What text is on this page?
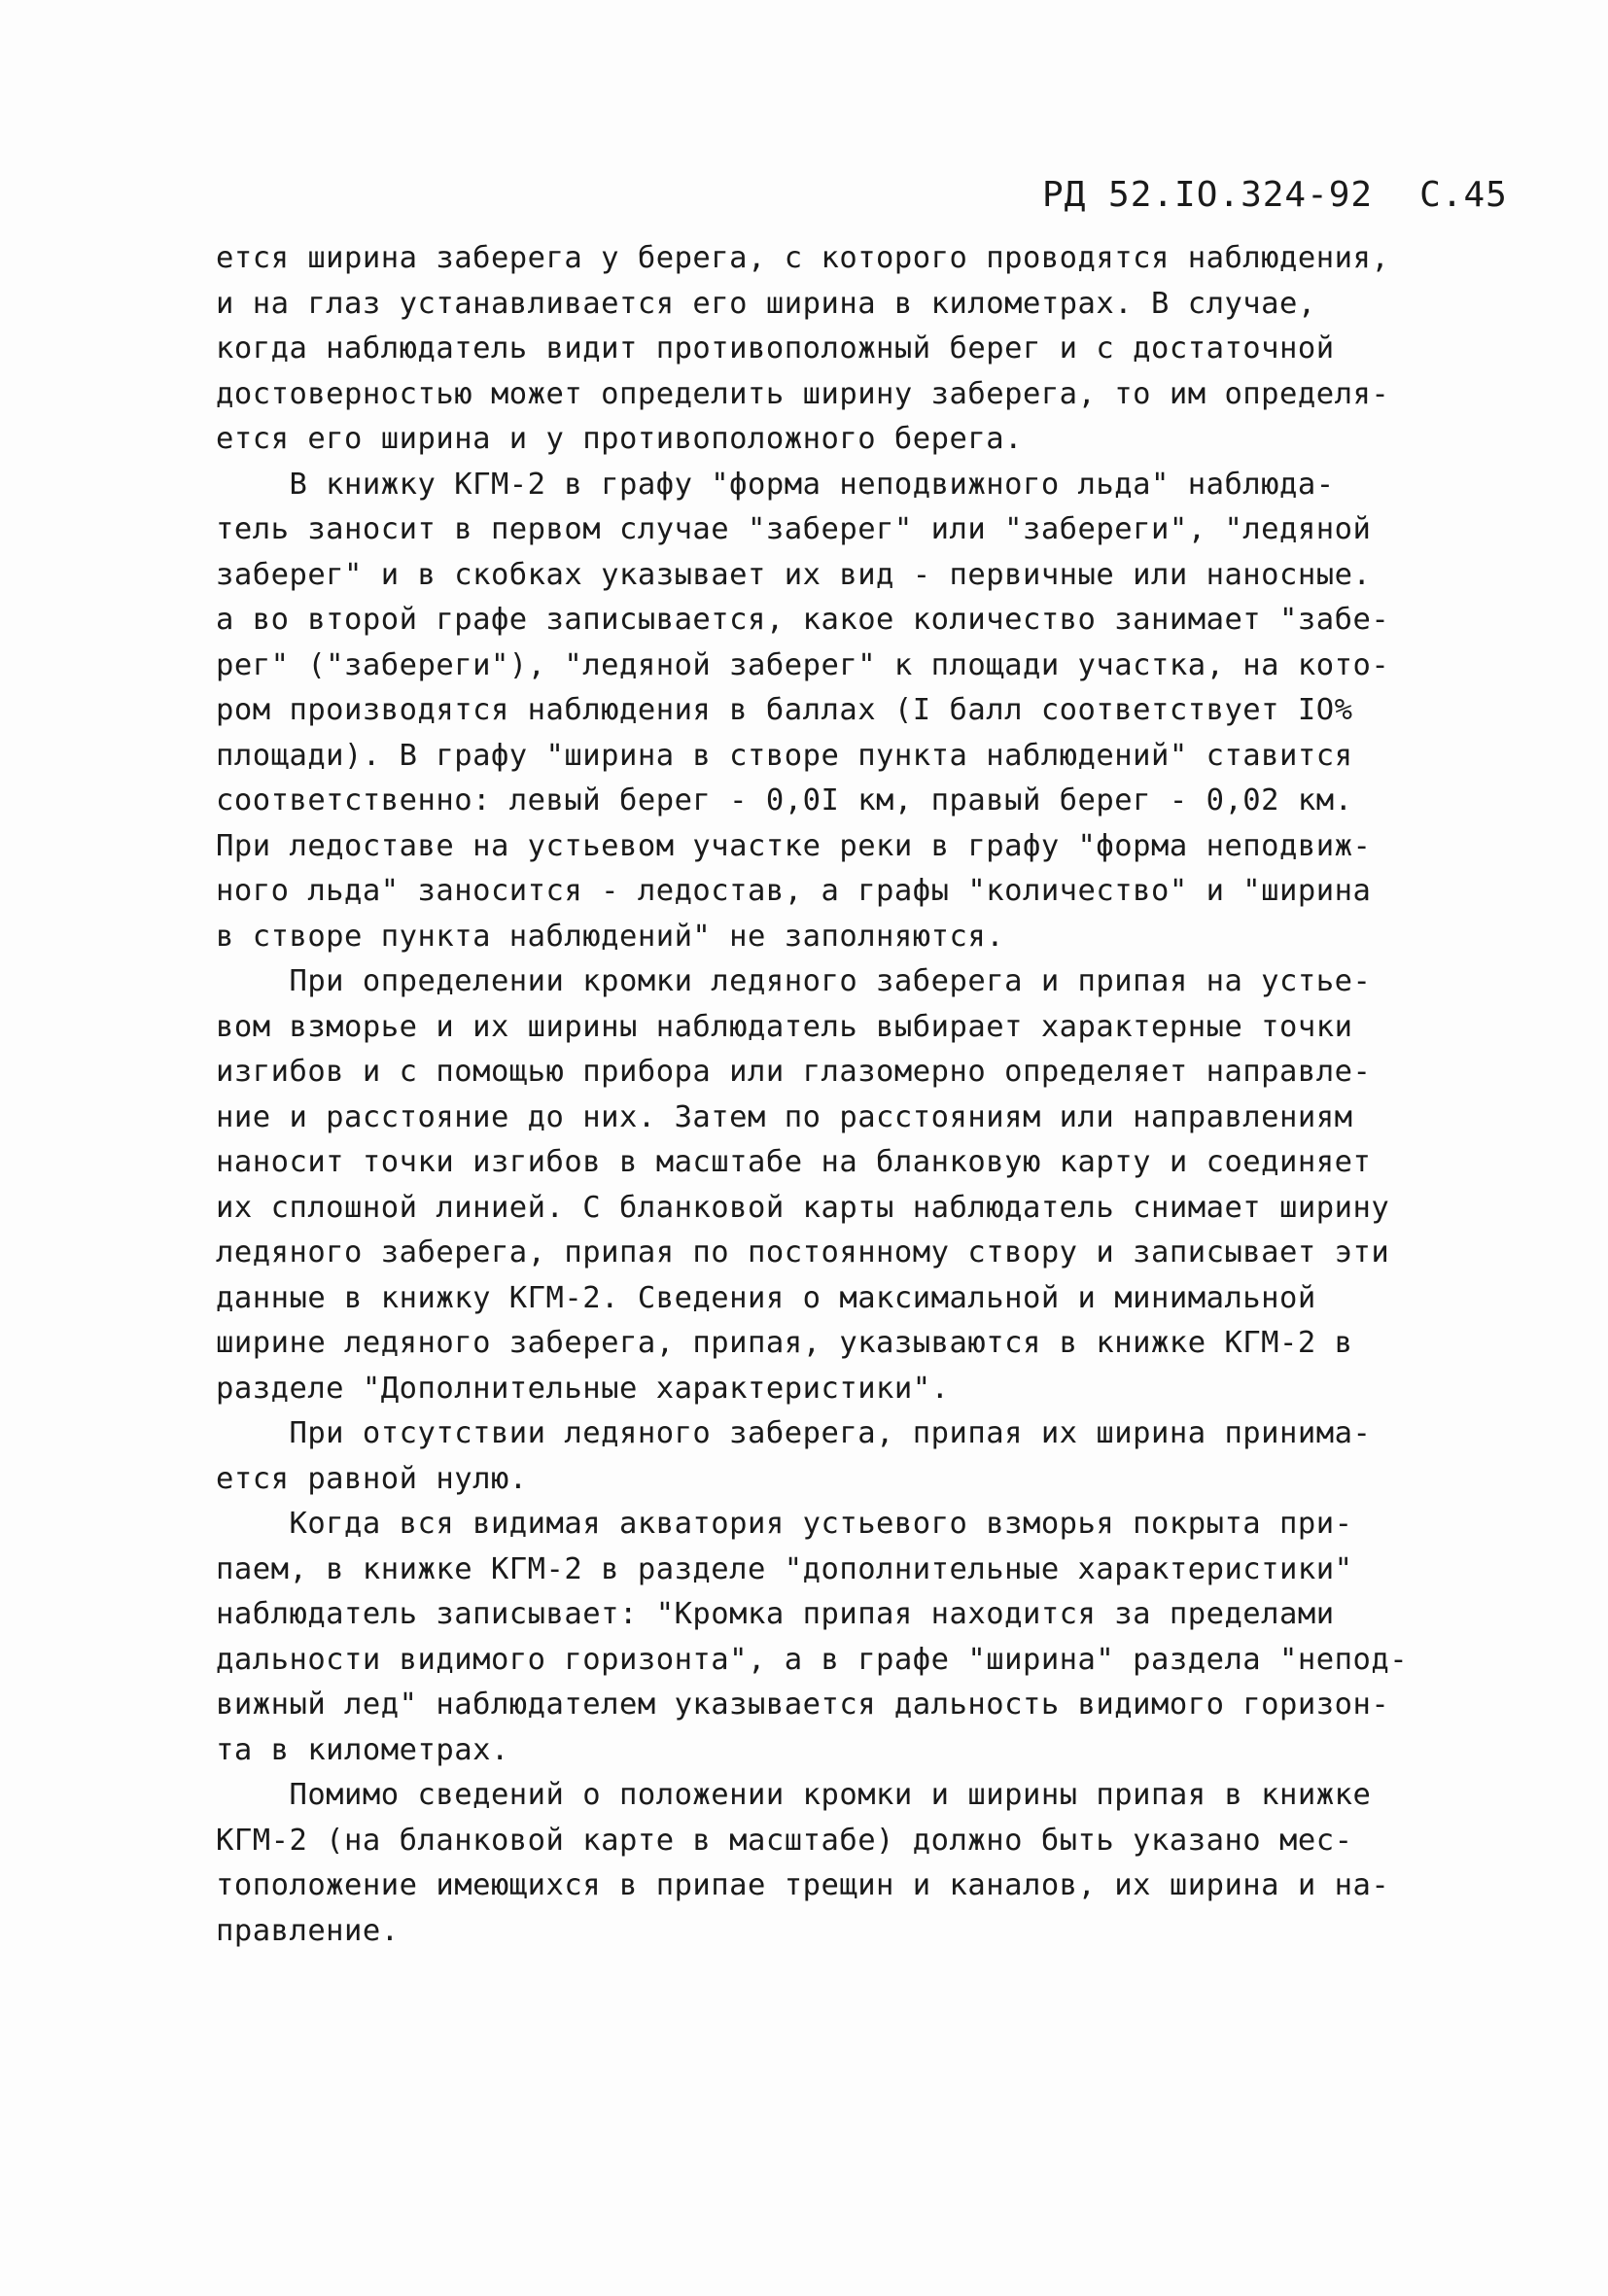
РД 52.IO.324-92 С.45
ется ширина заберега у берега, с которого проводятся наблюдения,
и на глаз устанавливается его ширина в километрах. В случае,
когда наблюдатель видит противоположный берег и с достаточной
достоверностью может определить ширину заберега, то им определя-
ется его ширина и у противоположного берега.
В книжку КГМ-2 в графу "форма неподвижного льда" наблюда-
тель заносит в первом случае "заберег" или "забереги", "ледяной
заберег" и в скобках указывает их вид - первичные или наносные.
а во второй графе записывается, какое количество занимает "забе-
рег" ("забереги"), "ледяной заберег" к площади участка, на кото-
ром производятся наблюдения в баллах (I балл соответствует IO%
площади). В графу "ширина в створе пункта наблюдений" ставится
соответственно: левый берег - 0,0I км, правый берег - 0,02 км.
При ледоставе на устьевом участке реки в графу "форма неподвиж-
ного льда" заносится - ледостав, а графы "количество" и "ширина
в створе пункта наблюдений" не заполняются.
При определении кромки ледяного заберега и припая на устье-
вом взморье и их ширины наблюдатель выбирает характерные точки
изгибов и с помощью прибора или глазомерно определяет направле-
ние и расстояние до них. Затем по расстояниям или направлениям
наносит точки изгибов в масштабе на бланковую карту и соединяет
их сплошной линией. С бланковой карты наблюдатель снимает ширину
ледяного заберега, припая по постоянному створу и записывает эти
данные в книжку КГМ-2. Сведения о максимальной и минимальной
ширине ледяного заберега, припая, указываются в книжке КГМ-2 в
разделе "Дополнительные характеристики".
При отсутствии ледяного заберега, припая их ширина принима-
ется равной нулю.
Когда вся видимая акватория устьевого взморья покрыта при-
паем, в книжке КГМ-2 в разделе "дополнительные характеристики"
наблюдатель записывает: "Кромка припая находится за пределами
дальности видимого горизонта", а в графе "ширина" раздела "непод-
вижный лед" наблюдателем указывается дальность видимого горизон-
та в километрах.
Помимо сведений о положении кромки и ширины припая в книжке
КГМ-2 (на бланковой карте в масштабе) должно быть указано мес-
тоположение имеющихся в припае трещин и каналов, их ширина и на-
правление.
